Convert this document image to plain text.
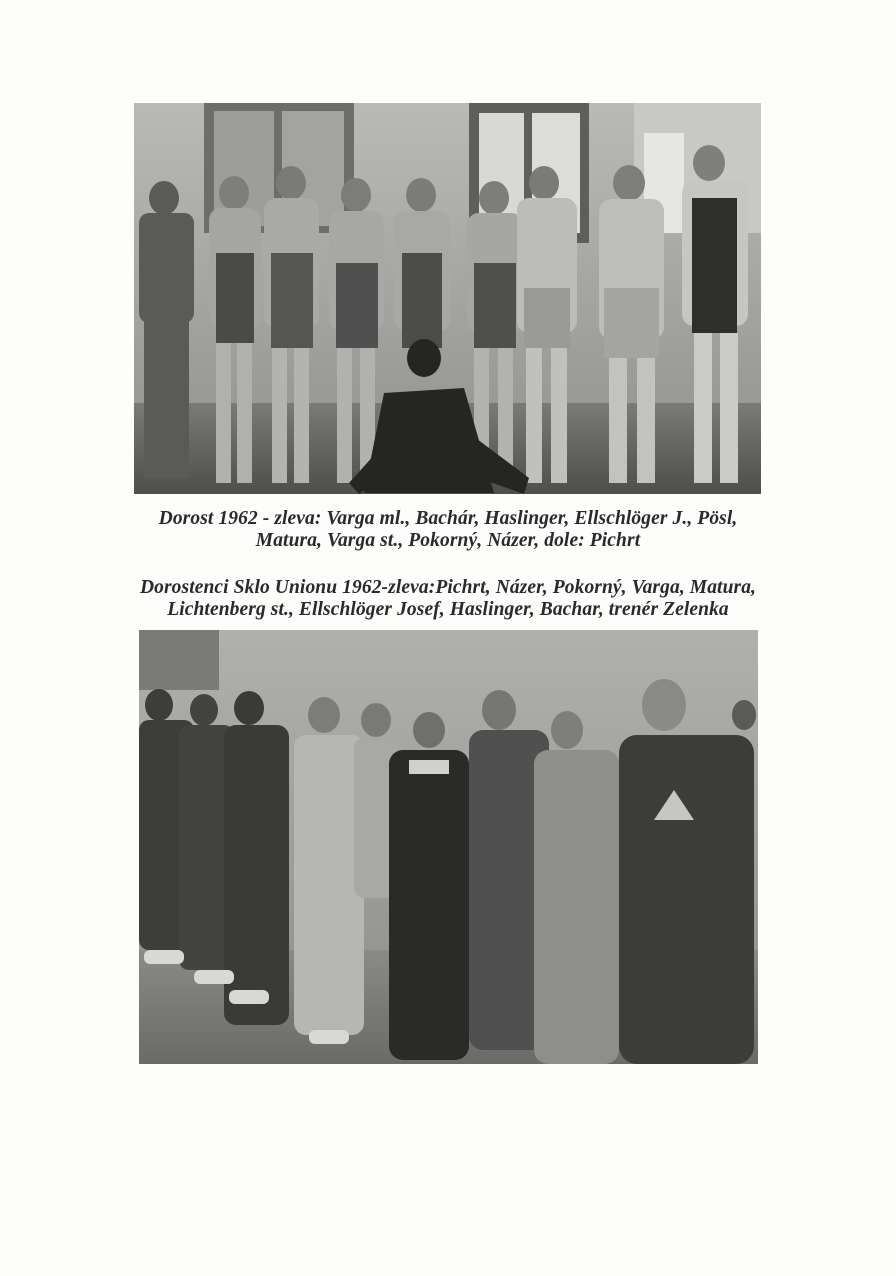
Dorost 1962 - zleva: Varga ml., Bachár, Haslinger, Ellschlöger J., Pösl,
Matura, Varga st., Pokorný, Názer, dole: Pichrt
Dorostenci Sklo Unionu 1962-zleva:Pichrt, Názer, Pokorný, Varga, Matura,
Lichtenberg st., Ellschlöger Josef, Haslinger, Bachar, trenér Zelenka
